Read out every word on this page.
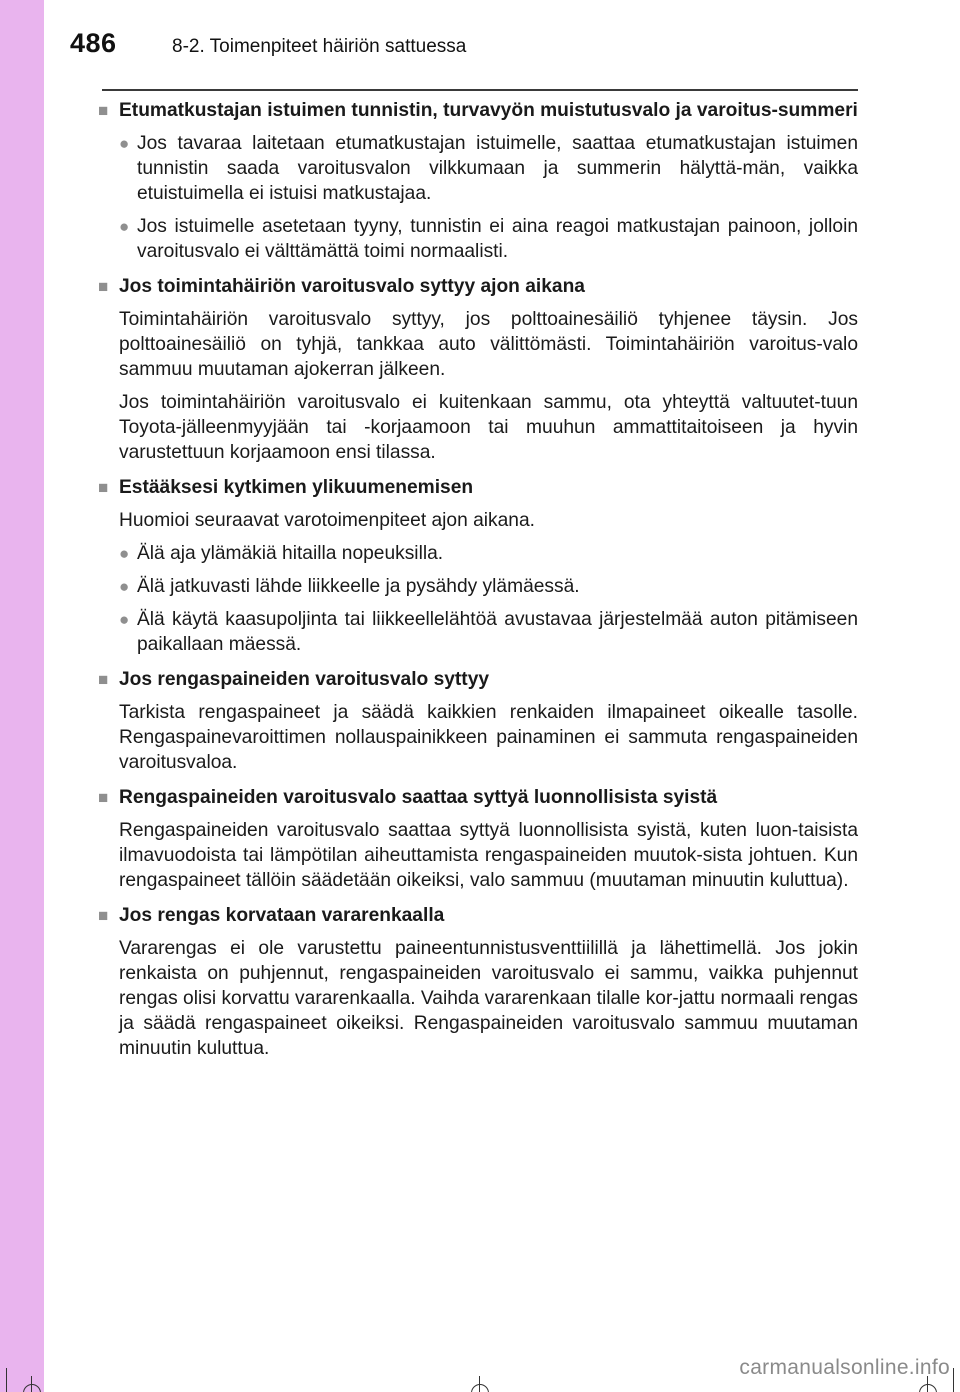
486	8-2. Toimenpiteet häiriön sattuessa
■ Etumatkustajan istuimen tunnistin, turvavyön muistutusvalo ja varoitus-summeri
● Jos tavaraa laitetaan etumatkustajan istuimelle, saattaa etumatkustajan istuimen tunnistin saada varoitusvalon vilkkumaan ja summerin hälyttä-män, vaikka etuistuimella ei istuisi matkustajaa.
● Jos istuimelle asetetaan tyyny, tunnistin ei aina reagoi matkustajan painoon, jolloin varoitusvalo ei välttämättä toimi normaalisti.
■ Jos toimintahäiriön varoitusvalo syttyy ajon aikana
Toimintahäiriön varoitusvalo syttyy, jos polttoainesäiliö tyhjenee täysin. Jos polttoainesäiliö on tyhjä, tankkaa auto välittömästi. Toimintahäiriön varoitus-valo sammuu muutaman ajokerran jälkeen.
Jos toimintahäiriön varoitusvalo ei kuitenkaan sammu, ota yhteyttä valtuutet-tuun Toyota-jälleenmyyjään tai -korjaamoon tai muuhun ammattitaitoiseen ja hyvin varustettuun korjaamoon ensi tilassa.
■ Estääksesi kytkimen ylikuumenemisen
Huomioi seuraavat varotoimenpiteet ajon aikana.
● Älä aja ylämäkiä hitailla nopeuksilla.
● Älä jatkuvasti lähde liikkeelle ja pysähdy ylämäessä.
● Älä käytä kaasupoljinta tai liikkeellelähtöä avustavaa järjestelmää auton pitämiseen paikallaan mäessä.
■ Jos rengaspaineiden varoitusvalo syttyy
Tarkista rengaspaineet ja säädä kaikkien renkaiden ilmapaineet oikealle tasolle. Rengaspainevaroittimen nollauspainikkeen painaminen ei sammuta rengaspaineiden varoitusvaloa.
■ Rengaspaineiden varoitusvalo saattaa syttyä luonnollisista syistä
Rengaspaineiden varoitusvalo saattaa syttyä luonnollisista syistä, kuten luon-taisista ilmavuodoista tai lämpötilan aiheuttamista rengaspaineiden muutok-sista johtuen. Kun rengaspaineet tällöin säädetään oikeiksi, valo sammuu (muutaman minuutin kuluttua).
■ Jos rengas korvataan vararenkaalla
Vararengas ei ole varustettu paineentunnistusventtiilillä ja lähettimellä. Jos jokin renkaista on puhjennut, rengaspaineiden varoitusvalo ei sammu, vaikka puhjennut rengas olisi korvattu vararenkaalla. Vaihda vararenkaan tilalle kor-jattu normaali rengas ja säädä rengaspaineet oikeiksi. Rengaspaineiden varoitusvalo sammuu muutaman minuutin kuluttua.
carmanualsonline.info
